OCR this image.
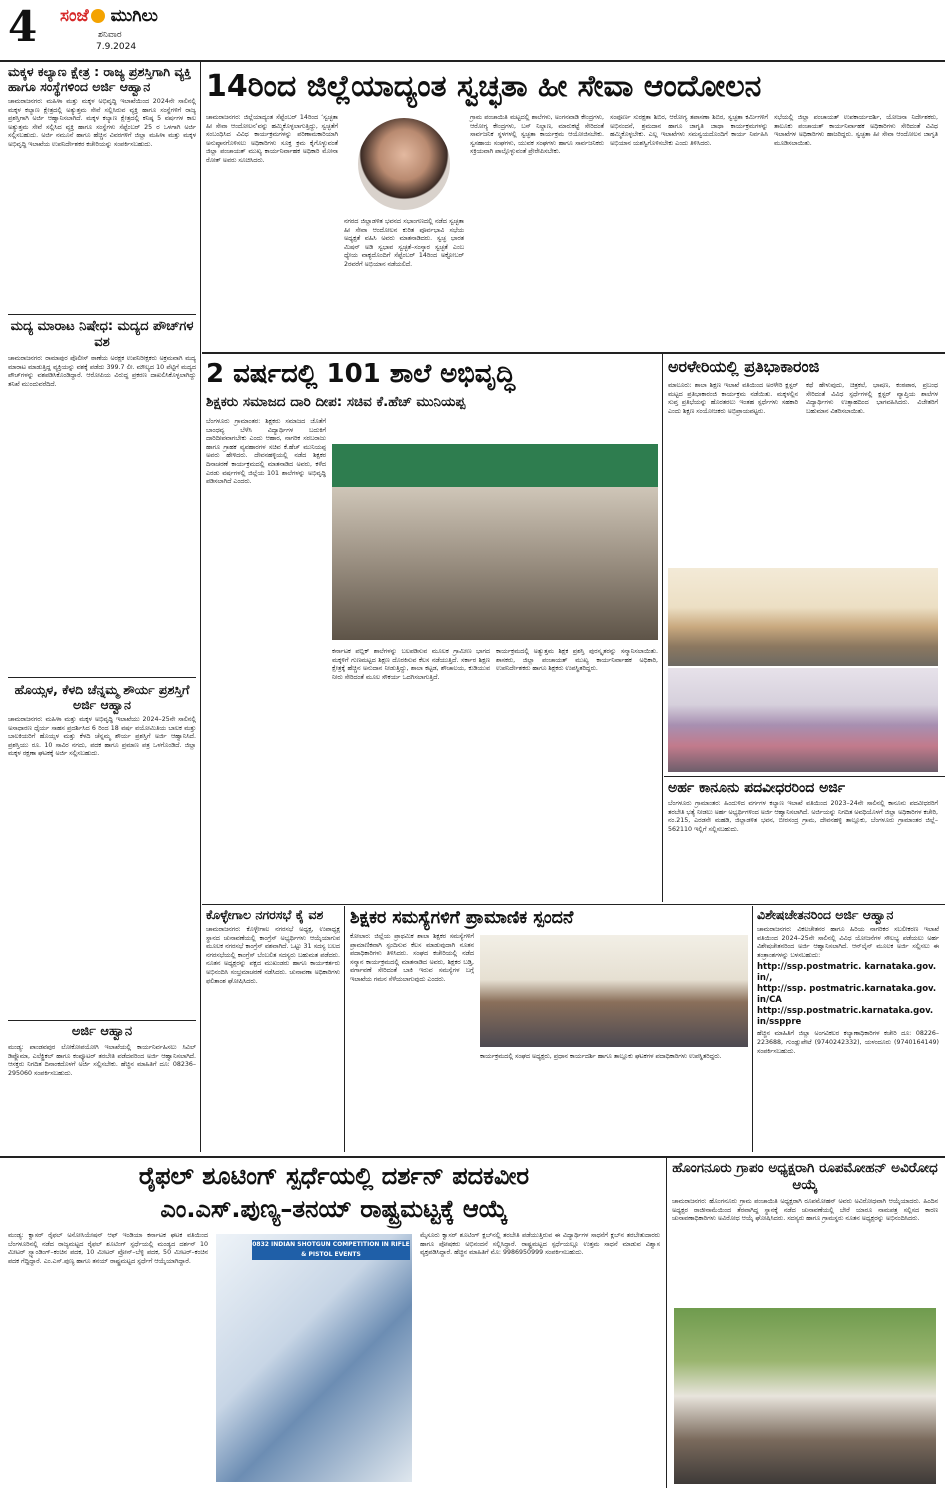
4 ಸಂಜೆ ಮುಗಿಲು
ಶನಿವಾರ
7.9.2024
ಮಕ್ಕಳ ಕಲ್ಯಾಣ ಕ್ಷೇತ್ರ : ರಾಜ್ಯ ಪ್ರಶಸ್ತಿಗಾಗಿ ವ್ಯಕ್ತಿ ಹಾಗೂ ಸಂಸ್ಥೆಗಳಿಂದ ಅರ್ಜಿ ಆಹ್ವಾನ
ಚಾಮರಾಜನಗರ: ಮಹಿಳಾ ಮತ್ತು ಮಕ್ಕಳ ಅಭಿವೃದ್ಧಿ ಇಲಾಖೆಯಿಂದ 2024ನೇ ಸಾಲಿನಲ್ಲಿ ಮಕ್ಕಳ ಕಲ್ಯಾಣ ಕ್ಷೇತ್ರದಲ್ಲಿ ಅತ್ಯುತ್ತಮ ಸೇವೆ ಸಲ್ಲಿಸಿರುವ ವ್ಯಕ್ತಿ ಹಾಗೂ ಸಂಸ್ಥೆಗಳಿಗೆ ರಾಜ್ಯ ಪ್ರಶಸ್ತಿಗಾಗಿ ಅರ್ಜಿ ಆಹ್ವಾನಿಸಲಾಗಿದೆ. ಮಕ್ಕಳ ಕಲ್ಯಾಣ ಕ್ಷೇತ್ರದಲ್ಲಿ ಕನಿಷ್ಠ 5 ವರ್ಷಗಳ ಕಾಲ ಅತ್ಯುತ್ತಮ ಸೇವೆ ಸಲ್ಲಿಸಿದ ವ್ಯಕ್ತಿ ಹಾಗೂ ಸಂಸ್ಥೆಗಳು ಸೆಪ್ಟೆಂಬರ್ 25 ರ ಒಳಗಾಗಿ ಅರ್ಜಿ ಸಲ್ಲಿಸಬಹುದು. ಅರ್ಜಿ ನಮೂನೆ ಹಾಗೂ ಹೆಚ್ಚಿನ ವಿವರಗಳಿಗೆ ಜಿಲ್ಲಾ ಮಹಿಳಾ ಮತ್ತು ಮಕ್ಕಳ ಅಭಿವೃದ್ಧಿ ಇಲಾಖೆಯ ಉಪನಿರ್ದೇಶಕರ ಕಚೇರಿಯನ್ನು ಸಂಪರ್ಕಿಸಬಹುದು.
ಮದ್ಯ ಮಾರಾಟ ನಿಷೇಧ: ಮದ್ಯದ ಪೌಚ್‌ಗಳ ವಶ
ಚಾಮರಾಜನಗರ: ರಾಮಾಪುರ ಪೊಲೀಸ್ ಠಾಣೆಯ ಅರಕ್ಷಕ ಉಪನಿರೀಕ್ಷಕರು ಅಕ್ರಮವಾಗಿ ಮದ್ಯ ಮಾರಾಟ ಮಾಡುತ್ತಿದ್ದ ವ್ಯಕ್ತಿಯನ್ನು ವಶಕ್ಕೆ ಪಡೆದು 399.7 ಲೀ. ಮೌಲ್ಯದ 10 ಪೆಟ್ಟಿಗೆ ಮದ್ಯದ ಪೌಚ್‌ಗಳನ್ನು ವಶಪಡಿಸಿಕೊಂಡಿದ್ದಾರೆ. ಆರೋಪಿಯ ವಿರುದ್ಧ ಪ್ರಕರಣ ದಾಖಲಿಸಿಕೊಳ್ಳಲಾಗಿದ್ದು ತನಿಖೆ ಮುಂದುವರೆದಿದೆ.
ಹೊಯ್ಸಳ, ಕೆಳದಿ ಚೆನ್ನಮ್ಮ ಶೌರ್ಯ ಪ್ರಶಸ್ತಿಗೆ ಅರ್ಜಿ ಆಹ್ವಾನ
ಚಾಮರಾಜನಗರ: ಮಹಿಳಾ ಮತ್ತು ಮಕ್ಕಳ ಅಭಿವೃದ್ಧಿ ಇಲಾಖೆಯು 2024–25ನೇ ಸಾಲಿನಲ್ಲಿ ಅಸಾಧಾರಣ ಧೈರ್ಯ ಸಾಹಸ ಪ್ರದರ್ಶಿಸಿದ 6 ರಿಂದ 18 ವರ್ಷ ವಯೋಮಿತಿಯ ಬಾಲಕ ಮತ್ತು ಬಾಲಕಿಯರಿಗೆ ಹೊಯ್ಸಳ ಮತ್ತು ಕೆಳದಿ ಚೆನ್ನಮ್ಮ ಶೌರ್ಯ ಪ್ರಶಸ್ತಿಗೆ ಅರ್ಜಿ ಆಹ್ವಾನಿಸಿದೆ. ಪ್ರಶಸ್ತಿಯು ರೂ. 10 ಸಾವಿರ ನಗದು, ಪದಕ ಹಾಗೂ ಪ್ರಮಾಣ ಪತ್ರ ಒಳಗೊಂಡಿದೆ. ಜಿಲ್ಲಾ ಮಕ್ಕಳ ರಕ್ಷಣಾ ಘಟಕಕ್ಕೆ ಅರ್ಜಿ ಸಲ್ಲಿಸಬಹುದು.
ಅರ್ಜಿ ಆಹ್ವಾನ
ಮಂಡ್ಯ: ಪಾಂಡವಪುರ ಲೋಕೋಪಯೋಗಿ ಇಲಾಖೆಯಲ್ಲಿ ಕಾರ್ಯನಿರ್ವಹಿಸಲು ಸಿವಿಲ್ ಡಿಪ್ಲೊಮಾ, ಎಲೆಕ್ಟ್ರಿಕಲ್ ಹಾಗೂ ಕಂಪ್ಯೂಟರ್ ತರಬೇತಿ ಪಡೆದವರಿಂದ ಅರ್ಜಿ ಆಹ್ವಾನಿಸಲಾಗಿದೆ. ಆಸಕ್ತರು ನಿಗದಿತ ದಿನಾಂಕದೊಳಗೆ ಅರ್ಜಿ ಸಲ್ಲಿಸಬೇಕು. ಹೆಚ್ಚಿನ ಮಾಹಿತಿಗೆ ದೂ: 08236–295060 ಸಂಪರ್ಕಿಸಬಹುದು.
14ರಿಂದ ಜಿಲ್ಲೆಯಾದ್ಯಂತ ಸ್ವಚ್ಛತಾ ಹೀ ಸೇವಾ ಆಂದೋಲನ
ಚಾಮರಾಜನಗರ: ಜಿಲ್ಲೆಯಾದ್ಯಂತ ಸೆಪ್ಟೆಂಬರ್ 14ರಿಂದ ‘ಸ್ವಚ್ಛತಾ ಹೀ ಸೇವಾ ಆಂದೋಲನ’ವನ್ನು ಹಮ್ಮಿಕೊಳ್ಳಲಾಗುತ್ತಿದ್ದು, ಸ್ವಚ್ಛತೆಗೆ ಸಂಬಂಧಿಸಿದ ವಿವಿಧ ಕಾರ್ಯಕ್ರಮಗಳನ್ನು ಪರಿಣಾಮಕಾರಿಯಾಗಿ ಅನುಷ್ಠಾನಗೊಳಿಸಲು ಅಧಿಕಾರಿಗಳು ಸೂಕ್ತ ಕ್ರಮ ಕೈಗೊಳ್ಳುವಂತೆ ಜಿಲ್ಲಾ ಪಂಚಾಯತ್ ಮುಖ್ಯ ಕಾರ್ಯನಿರ್ವಾಹಕ ಅಧಿಕಾರಿ ಮೋನಾ ರೋತ್ ಅವರು ಸೂಚಿಸಿದರು.
ನಗರದ ಜಿಲ್ಲಾಡಳಿತ ಭವನದ ಸಭಾಂಗಣದಲ್ಲಿ ನಡೆದ ಸ್ವಚ್ಛತಾ ಹೀ ಸೇವಾ ಆಂದೋಲನ ಕುರಿತ ಪೂರ್ವಭಾವಿ ಸಭೆಯ ಅಧ್ಯಕ್ಷತೆ ವಹಿಸಿ ಅವರು ಮಾತನಾಡಿದರು. ಸ್ವಚ್ಛ ಭಾರತ ಮಿಷನ್ ಅಡಿ ಸ್ವಭಾವ ಸ್ವಚ್ಛತೆ–ಸಂಸ್ಕಾರ ಸ್ವಚ್ಛತೆ ಎಂಬ ಧ್ಯೇಯ ವಾಕ್ಯದೊಂದಿಗೆ ಸೆಪ್ಟೆಂಬರ್ 14ರಿಂದ ಅಕ್ಟೋಬರ್ 2ರವರೆಗೆ ಅಭಿಯಾನ ನಡೆಯಲಿದೆ.
ಗ್ರಾಮ ಪಂಚಾಯಿತಿ ಮಟ್ಟದಲ್ಲಿ ಶಾಲೆಗಳು, ಅಂಗನವಾಡಿ ಕೇಂದ್ರಗಳು, ಆರೋಗ್ಯ ಕೇಂದ್ರಗಳು, ಬಸ್ ನಿಲ್ದಾಣ, ಮಾರುಕಟ್ಟೆ ಸೇರಿದಂತೆ ಸಾರ್ವಜನಿಕ ಸ್ಥಳಗಳಲ್ಲಿ ಸ್ವಚ್ಛತಾ ಕಾರ್ಯಕ್ರಮ ಆಯೋಜಿಸಬೇಕು. ಸ್ವಸಹಾಯ ಸಂಘಗಳು, ಯುವಕ ಸಂಘಗಳು ಹಾಗೂ ಸಾರ್ವಜನಿಕರು ಸಕ್ರಿಯವಾಗಿ ಪಾಲ್ಗೊಳ್ಳುವಂತೆ ಪ್ರೇರೇಪಿಸಬೇಕು.
ಸಂಪೂರ್ಣ ಸುರಕ್ಷತಾ ಶಿಬಿರ, ಆರೋಗ್ಯ ತಪಾಸಣಾ ಶಿಬಿರ, ಸ್ವಚ್ಛತಾ ಕರ್ಮಿಗಳಿಗೆ ಅಭಿನಂದನೆ, ಶ್ರಮದಾನ ಹಾಗೂ ಜಾಗೃತಿ ಜಾಥಾ ಕಾರ್ಯಕ್ರಮಗಳನ್ನು ಹಮ್ಮಿಕೊಳ್ಳಬೇಕು. ಎಲ್ಲ ಇಲಾಖೆಗಳು ಸಮನ್ವಯದೊಂದಿಗೆ ಕಾರ್ಯ ನಿರ್ವಹಿಸಿ ಅಭಿಯಾನ ಯಶಸ್ವಿಗೊಳಿಸಬೇಕು ಎಂದು ತಿಳಿಸಿದರು.
ಸಭೆಯಲ್ಲಿ ಜಿಲ್ಲಾ ಪಂಚಾಯತ್ ಉಪಕಾರ್ಯದರ್ಶಿ, ಯೋಜನಾ ನಿರ್ದೇಶಕರು, ತಾಲೂಕು ಪಂಚಾಯತ್ ಕಾರ್ಯನಿರ್ವಾಹಕ ಅಧಿಕಾರಿಗಳು ಸೇರಿದಂತೆ ವಿವಿಧ ಇಲಾಖೆಗಳ ಅಧಿಕಾರಿಗಳು ಹಾಜರಿದ್ದರು. ಸ್ವಚ್ಛತಾ ಹೀ ಸೇವಾ ಆಂದೋಲನ ಜಾಗೃತಿ ಮೂಡಿಸಲಾಯಿತು.
2 ವರ್ಷದಲ್ಲಿ 101 ಶಾಲೆ ಅಭಿವೃದ್ಧಿ
ಶಿಕ್ಷಕರು ಸಮಾಜದ ದಾರಿ ದೀಪ: ಸಚಿವ ಕೆ.ಹೆಚ್ ಮುನಿಯಪ್ಪ
ಬೆಂಗಳೂರು ಗ್ರಾಮಾಂತರ: ಶಿಕ್ಷಕರು ಸಮಾಜದ ಜೊತೆಗೆ ಬಾಂಧವ್ಯ ಬೆಳೆಸಿ ವಿದ್ಯಾರ್ಥಿಗಳ ಬದುಕಿಗೆ ದಾರಿದೀಪವಾಗಬೇಕು ಎಂದು ಆಹಾರ, ನಾಗರಿಕ ಸರಬರಾಜು ಹಾಗೂ ಗ್ರಾಹಕ ವ್ಯವಹಾರಗಳ ಸಚಿವ ಕೆ.ಹೆಚ್ ಮುನಿಯಪ್ಪ ಅವರು ಹೇಳಿದರು. ದೇವನಹಳ್ಳಿಯಲ್ಲಿ ನಡೆದ ಶಿಕ್ಷಕರ ದಿನಾಚರಣೆ ಕಾರ್ಯಕ್ರಮದಲ್ಲಿ ಮಾತನಾಡಿದ ಅವರು, ಕಳೆದ ಎರಡು ವರ್ಷಗಳಲ್ಲಿ ಜಿಲ್ಲೆಯ 101 ಶಾಲೆಗಳನ್ನು ಅಭಿವೃದ್ಧಿ ಪಡಿಸಲಾಗಿದೆ ಎಂದರು.
ಕರ್ನಾಟಕ ಪಬ್ಲಿಕ್ ಶಾಲೆಗಳನ್ನು ಬಲಪಡಿಸುವ ಮೂಲಕ ಗ್ರಾಮೀಣ ಭಾಗದ ಮಕ್ಕಳಿಗೆ ಗುಣಮಟ್ಟದ ಶಿಕ್ಷಣ ದೊರಕಿಸುವ ಕೆಲಸ ನಡೆಯುತ್ತಿದೆ. ಸರ್ಕಾರ ಶಿಕ್ಷಣ ಕ್ಷೇತ್ರಕ್ಕೆ ಹೆಚ್ಚಿನ ಅನುದಾನ ನೀಡುತ್ತಿದ್ದು, ಶಾಲಾ ಕಟ್ಟಡ, ಶೌಚಾಲಯ, ಕುಡಿಯುವ ನೀರು ಸೇರಿದಂತೆ ಮೂಲ ಸೌಕರ್ಯ ಒದಗಿಸಲಾಗುತ್ತಿದೆ.
ಕಾರ್ಯಕ್ರಮದಲ್ಲಿ ಅತ್ಯುತ್ತಮ ಶಿಕ್ಷಕ ಪ್ರಶಸ್ತಿ ಪುರಸ್ಕೃತರನ್ನು ಸನ್ಮಾನಿಸಲಾಯಿತು. ಶಾಸಕರು, ಜಿಲ್ಲಾ ಪಂಚಾಯತ್ ಮುಖ್ಯ ಕಾರ್ಯನಿರ್ವಾಹಕ ಅಧಿಕಾರಿ, ಉಪನಿರ್ದೇಶಕರು ಹಾಗೂ ಶಿಕ್ಷಕರು ಉಪಸ್ಥಿತರಿದ್ದರು.
ಅರಳೇರಿಯಲ್ಲಿ ಪ್ರತಿಭಾಕಾರಂಜಿ
ಮಾಲೂರು: ಶಾಲಾ ಶಿಕ್ಷಣ ಇಲಾಖೆ ವತಿಯಿಂದ ಅರಳೇರಿ ಕ್ಲಸ್ಟರ್ ಮಟ್ಟದ ಪ್ರತಿಭಾಕಾರಂಜಿ ಕಾರ್ಯಕ್ರಮ ನಡೆಯಿತು. ಮಕ್ಕಳಲ್ಲಿನ ಸುಪ್ತ ಪ್ರತಿಭೆಯನ್ನು ಹೊರತರಲು ಇಂತಹ ಸ್ಪರ್ಧೆಗಳು ಸಹಕಾರಿ ಎಂದು ಶಿಕ್ಷಣ ಸಂಯೋಜಕರು ಅಭಿಪ್ರಾಯಪಟ್ಟರು.
ಕಥೆ ಹೇಳುವುದು, ಚಿತ್ರಕಲೆ, ಭಾಷಣ, ಕಂಠಪಾಠ, ಪ್ರಬಂಧ ಸೇರಿದಂತೆ ವಿವಿಧ ಸ್ಪರ್ಧೆಗಳಲ್ಲಿ ಕ್ಲಸ್ಟರ್ ವ್ಯಾಪ್ತಿಯ ಶಾಲೆಗಳ ವಿದ್ಯಾರ್ಥಿಗಳು ಉತ್ಸಾಹದಿಂದ ಭಾಗವಹಿಸಿದರು. ವಿಜೇತರಿಗೆ ಬಹುಮಾನ ವಿತರಿಸಲಾಯಿತು.
ಅರ್ಹ ಕಾನೂನು ಪದವೀಧರರಿಂದ ಅರ್ಜಿ
ಬೆಂಗಳೂರು ಗ್ರಾಮಾಂತರ: ಹಿಂದುಳಿದ ವರ್ಗಗಳ ಕಲ್ಯಾಣ ಇಲಾಖೆ ವತಿಯಿಂದ 2023–24ನೇ ಸಾಲಿನಲ್ಲಿ ಕಾನೂನು ಪದವೀಧರರಿಗೆ ತರಬೇತಿ ಭತ್ಯೆ ನೀಡಲು ಅರ್ಹ ಅಭ್ಯರ್ಥಿಗಳಿಂದ ಅರ್ಜಿ ಆಹ್ವಾನಿಸಲಾಗಿದೆ. ಅರ್ಜಿಯನ್ನು ನಿಗದಿತ ಅವಧಿಯೊಳಗೆ ಜಿಲ್ಲಾ ಅಧಿಕಾರಿಗಳ ಕಚೇರಿ, ನಂ.215, ಎರಡನೇ ಮಹಡಿ, ಜಿಲ್ಲಾಡಳಿತ ಭವನ, ಬೀರಸಂದ್ರ ಗ್ರಾಮ, ದೇವನಹಳ್ಳಿ ತಾಲ್ಲೂಕು, ಬೆಂಗಳೂರು ಗ್ರಾಮಾಂತರ ಜಿಲ್ಲೆ–562110 ಇಲ್ಲಿಗೆ ಸಲ್ಲಿಸಬಹುದು.
ಕೊಳ್ಳೇಗಾಲ ನಗರಸಭೆ ಕೈ ವಶ
ಚಾಮರಾಜನಗರ: ಕೊಳ್ಳೇಗಾಲ ನಗರಸಭೆ ಅಧ್ಯಕ್ಷ, ಉಪಾಧ್ಯಕ್ಷ ಸ್ಥಾನದ ಚುನಾವಣೆಯಲ್ಲಿ ಕಾಂಗ್ರೆಸ್ ಅಭ್ಯರ್ಥಿಗಳು ಆಯ್ಕೆಯಾಗುವ ಮೂಲಕ ನಗರಸಭೆ ಕಾಂಗ್ರೆಸ್ ವಶವಾಗಿದೆ. ಒಟ್ಟು 31 ಸದಸ್ಯ ಬಲದ ನಗರಸಭೆಯಲ್ಲಿ ಕಾಂಗ್ರೆಸ್ ಬೆಂಬಲಿತ ಸದಸ್ಯರು ಬಹುಮತ ಪಡೆದರು. ನೂತನ ಅಧ್ಯಕ್ಷರನ್ನು ಪಕ್ಷದ ಮುಖಂಡರು ಹಾಗೂ ಕಾರ್ಯಕರ್ತರು ಅಭಿನಂದಿಸಿ ಸಂಭ್ರಮಾಚರಣೆ ನಡೆಸಿದರು. ಚುನಾವಣಾ ಅಧಿಕಾರಿಗಳು ಫಲಿತಾಂಶ ಘೋಷಿಸಿದರು.
ಶಿಕ್ಷಕರ ಸಮಸ್ಯೆಗಳಿಗೆ ಪ್ರಾಮಾಣಿಕ ಸ್ಪಂದನೆ
ಕೋಲಾರ: ಜಿಲ್ಲೆಯ ಪ್ರಾಥಮಿಕ ಶಾಲಾ ಶಿಕ್ಷಕರ ಸಮಸ್ಯೆಗಳಿಗೆ ಪ್ರಾಮಾಣಿಕವಾಗಿ ಸ್ಪಂದಿಸುವ ಕೆಲಸ ಮಾಡುವುದಾಗಿ ನೂತನ ಪದಾಧಿಕಾರಿಗಳು ತಿಳಿಸಿದರು. ಸಂಘದ ಕಚೇರಿಯಲ್ಲಿ ನಡೆದ ಸನ್ಮಾನ ಕಾರ್ಯಕ್ರಮದಲ್ಲಿ ಮಾತನಾಡಿದ ಅವರು, ಶಿಕ್ಷಕರ ಬಡ್ತಿ, ವರ್ಗಾವಣೆ ಸೇರಿದಂತೆ ಬಾಕಿ ಇರುವ ಸಮಸ್ಯೆಗಳ ಬಗ್ಗೆ ಇಲಾಖೆಯ ಗಮನ ಸೆಳೆಯಲಾಗುವುದು ಎಂದರು.
ಕಾರ್ಯಕ್ರಮದಲ್ಲಿ ಸಂಘದ ಅಧ್ಯಕ್ಷರು, ಪ್ರಧಾನ ಕಾರ್ಯದರ್ಶಿ ಹಾಗೂ ತಾಲ್ಲೂಕು ಘಟಕಗಳ ಪದಾಧಿಕಾರಿಗಳು ಉಪಸ್ಥಿತರಿದ್ದರು.
ವಿಶೇಷಚೇತನರಿಂದ ಅರ್ಜಿ ಆಹ್ವಾನ
ಚಾಮರಾಜನಗರ: ವಿಕಲಚೇತನರ ಹಾಗೂ ಹಿರಿಯ ನಾಗರಿಕರ ಸಬಲೀಕರಣ ಇಲಾಖೆ ವತಿಯಿಂದ 2024–25ನೇ ಸಾಲಿನಲ್ಲಿ ವಿವಿಧ ಯೋಜನೆಗಳ ಸೌಲಭ್ಯ ಪಡೆಯಲು ಅರ್ಹ ವಿಶೇಷಚೇತನರಿಂದ ಅರ್ಜಿ ಆಹ್ವಾನಿಸಲಾಗಿದೆ. ಆನ್‌ಲೈನ್ ಮೂಲಕ ಅರ್ಜಿ ಸಲ್ಲಿಸಲು ಈ ತಂತ್ರಾಂಶಗಳನ್ನು ಬಳಸಬಹುದು:
http://ssp.postmatric. karnataka.gov.in/,
http://ssp. postmatric.karnataka.gov.in/CA
http://ssp.postmatric.karnataka.gov. in/ssppre
ಹೆಚ್ಚಿನ ಮಾಹಿತಿಗೆ ಜಿಲ್ಲಾ ಅಂಗವಿಕಲರ ಕಲ್ಯಾಣಾಧಿಕಾರಿಗಳ ಕಚೇರಿ ದೂ: 08226–223688, ಗುಂಡ್ಲುಪೇಟೆ (9740242332), ಯಳಂದೂರು (9740164149) ಸಂಪರ್ಕಿಸಬಹುದು.
ರೈಫಲ್ ಶೂಟಿಂಗ್ ಸ್ಪರ್ಧೆಯಲ್ಲಿ ದರ್ಶನ್ ಪದಕವೀರ
ಎಂ.ಎಸ್.ಪುಣ್ಯ–ತನಯ್ ರಾಷ್ಟ್ರಮಟ್ಟಕ್ಕೆ ಆಯ್ಕೆ
ಮಂಡ್ಯ: ಕ್ವಾಸರ್ ರೈಫಲ್ ಅಸೋಸಿಯೇಷನ್ ಆಫ್ ಇಂಡಿಯಾ ಕರ್ನಾಟಕ ಘಟಕ ವತಿಯಿಂದ ಬೆಂಗಳೂರಿನಲ್ಲಿ ನಡೆದ ರಾಜ್ಯಮಟ್ಟದ ರೈಫಲ್ ಶೂಟಿಂಗ್ ಸ್ಪರ್ಧೆಯಲ್ಲಿ ಮಂಡ್ಯದ ದರ್ಶನ್ 10 ಮೀಟರ್ ಸ್ಟ್ಯಾಂಡಿಂಗ್–ಕಂಚಿನ ಪದಕ, 10 ಮೀಟರ್ ಪ್ರೋನ್–ಬೆಳ್ಳಿ ಪದಕ, 50 ಮೀಟರ್–ಕಂಚಿನ ಪದಕ ಗೆದ್ದಿದ್ದಾರೆ. ಎಂ.ಎಸ್.ಪುಣ್ಯ ಹಾಗೂ ತನಯ್ ರಾಷ್ಟ್ರಮಟ್ಟದ ಸ್ಪರ್ಧೆಗೆ ಆಯ್ಕೆಯಾಗಿದ್ದಾರೆ.
0832 INDIAN SHOTGUN COMPETITION IN RIFLE & PISTOL EVENTS
ಮೈಸೂರು ಕ್ವಾಸರ್ ಶೂಟಿಂಗ್ ಕ್ಲಬ್‌ನಲ್ಲಿ ತರಬೇತಿ ಪಡೆಯುತ್ತಿರುವ ಈ ವಿದ್ಯಾರ್ಥಿಗಳ ಸಾಧನೆಗೆ ಕ್ಲಬ್‌ನ ತರಬೇತುದಾರರು ಹಾಗೂ ಪೋಷಕರು ಅಭಿನಂದನೆ ಸಲ್ಲಿಸಿದ್ದಾರೆ. ರಾಷ್ಟ್ರಮಟ್ಟದ ಸ್ಪರ್ಧೆಯಲ್ಲೂ ಉತ್ತಮ ಸಾಧನೆ ಮಾಡುವ ವಿಶ್ವಾಸ ವ್ಯಕ್ತಪಡಿಸಿದ್ದಾರೆ. ಹೆಚ್ಚಿನ ಮಾಹಿತಿಗೆ ಮೊ: 9986950999 ಸಂಪರ್ಕಿಸಬಹುದು.
ಹೊಂಗನೂರು ಗ್ರಾಪಂ ಅಧ್ಯಕ್ಷರಾಗಿ ರೂಪಮೋಹನ್ ಅವಿರೋಧ ಆಯ್ಕೆ
ಚಾಮರಾಜನಗರ: ಹೊಂಗನೂರು ಗ್ರಾಮ ಪಂಚಾಯಿತಿ ಅಧ್ಯಕ್ಷರಾಗಿ ರೂಪಮೋಹನ್ ಅವರು ಅವಿರೋಧವಾಗಿ ಆಯ್ಕೆಯಾದರು. ಹಿಂದಿನ ಅಧ್ಯಕ್ಷರ ರಾಜೀನಾಮೆಯಿಂದ ತೆರವಾಗಿದ್ದ ಸ್ಥಾನಕ್ಕೆ ನಡೆದ ಚುನಾವಣೆಯಲ್ಲಿ ಬೇರೆ ಯಾರೂ ನಾಮಪತ್ರ ಸಲ್ಲಿಸದ ಕಾರಣ ಚುನಾವಣಾಧಿಕಾರಿಗಳು ಅವಿರೋಧ ಆಯ್ಕೆ ಘೋಷಿಸಿದರು. ಸದಸ್ಯರು ಹಾಗೂ ಗ್ರಾಮಸ್ಥರು ನೂತನ ಅಧ್ಯಕ್ಷರನ್ನು ಅಭಿನಂದಿಸಿದರು.
